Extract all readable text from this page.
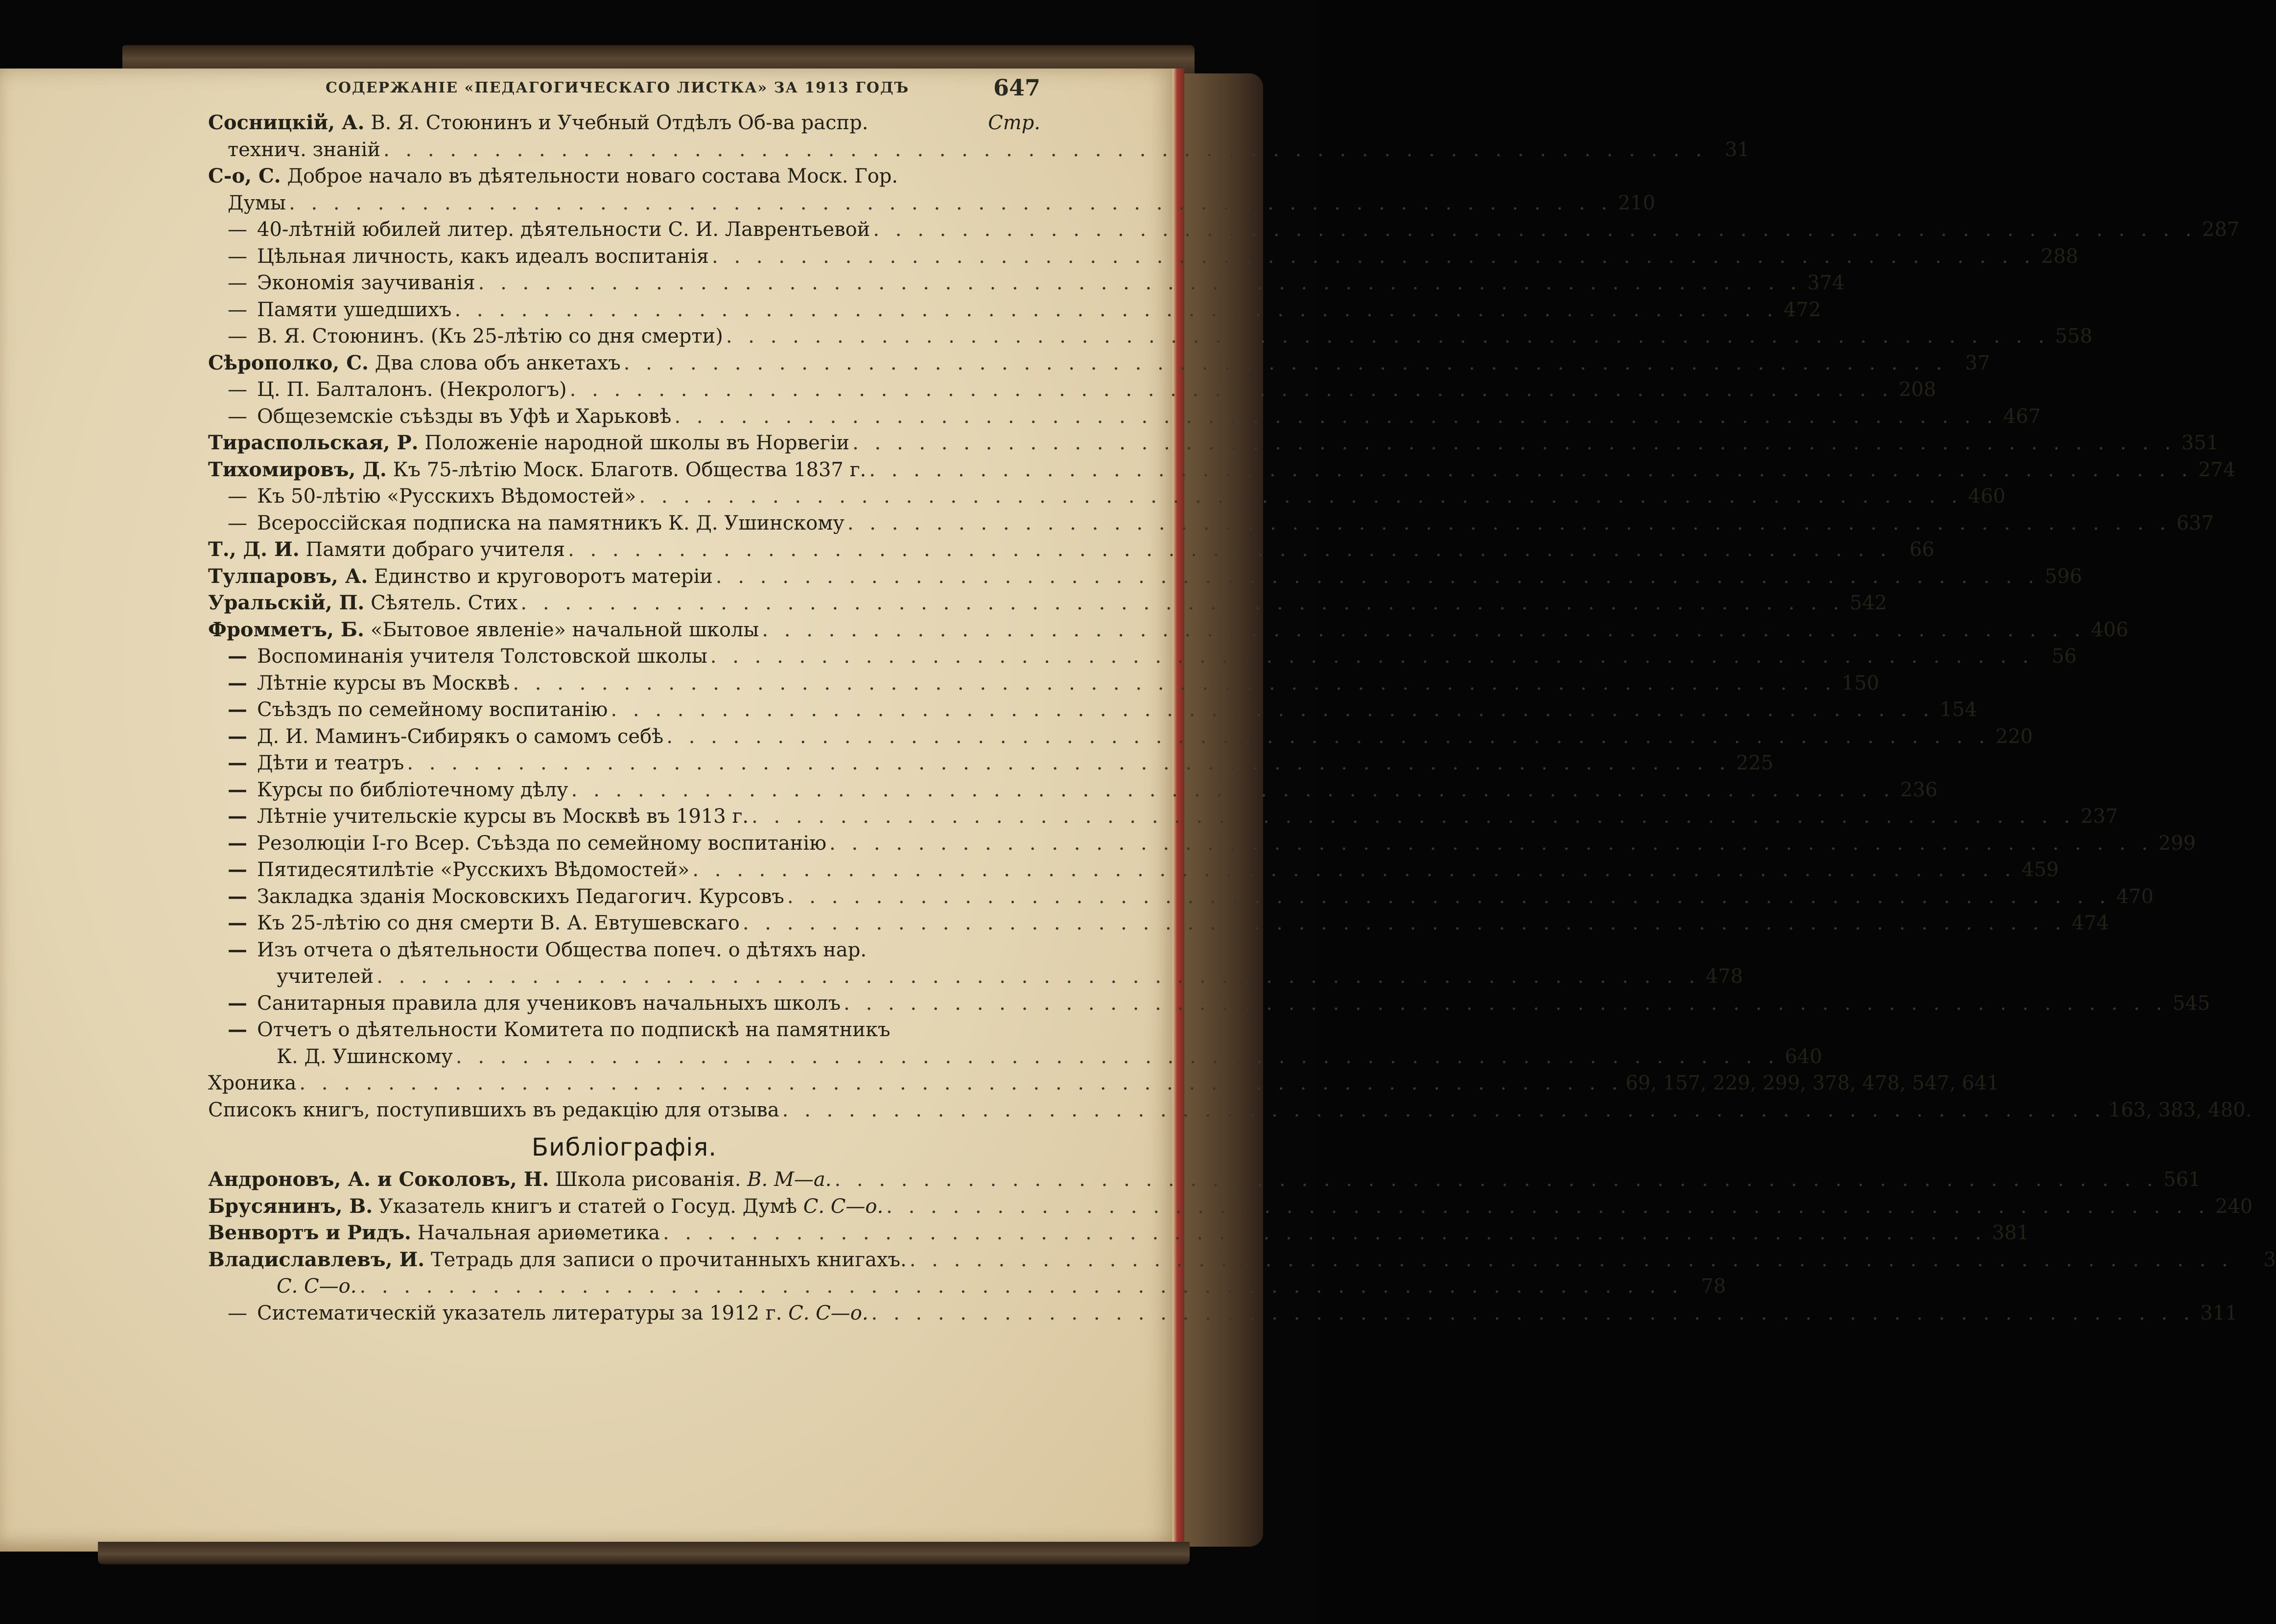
СОДЕРЖАНІЕ «ПЕДАГОГИЧЕСКАГО ЛИСТКА» ЗА 1913 ГОДЪ	647
Сосницкій, А. В. Я. Стоюнинъ и Учебный Отдѣлъ Об-ва распр.	Стр.
технич. знаній . . . . . . . . . . . . . . . . . . . . . . . . . . . . . . . . . . . . . . . . . . . . . . . . . . . . . . . . . . . . 31
С-о, С. Доброе начало въ дѣятельности новаго состава Моск. Гор.
Думы . . . . . . . . . . . . . . . . . . . . . . . . . . . . . . . . . . . . . . . . . . . . . . . . . . . . . . . . . . . . 210
— 40-лѣтній юбилей литер. дѣятельности С. И. Лаврентьевой . . . . . . . . . . . . . . . . . . . . . . . . . . . . . . . . . . . . . . . . . . . . . . . . . . . . . . . . . . . . 287
— Цѣльная личность, какъ идеалъ воспитанія . . . . . . . . . . . . . . . . . . . . . . . . . . . . . . . . . . . . . . . . . . . . . . . . . . . . . . . . . . . . 288
— Экономія заучиванія . . . . . . . . . . . . . . . . . . . . . . . . . . . . . . . . . . . . . . . . . . . . . . . . . . . . . . . . . . . . 374
— Памяти ушедшихъ . . . . . . . . . . . . . . . . . . . . . . . . . . . . . . . . . . . . . . . . . . . . . . . . . . . . . . . . . . . . 472
— В. Я. Стоюнинъ. (Къ 25-лѣтію со дня смерти) . . . . . . . . . . . . . . . . . . . . . . . . . . . . . . . . . . . . . . . . . . . . . . . . . . . . . . . . . . . . 558
Сѣрополко, С. Два слова объ анкетахъ . . . . . . . . . . . . . . . . . . . . . . . . . . . . . . . . . . . . . . . . . . . . . . . . . . . . . . . . . . . . 37
— Ц. П. Балталонъ. (Некрологъ) . . . . . . . . . . . . . . . . . . . . . . . . . . . . . . . . . . . . . . . . . . . . . . . . . . . . . . . . . . . . 208
— Общеземскіе съѣзды въ Уфѣ и Харьковѣ . . . . . . . . . . . . . . . . . . . . . . . . . . . . . . . . . . . . . . . . . . . . . . . . . . . . . . . . . . . . 467
Тираспольская, Р. Положеніе народной школы въ Норвегіи . . . . . . . . . . . . . . . . . . . . . . . . . . . . . . . . . . . . . . . . . . . . . . . . . . . . . . . . . . . . 351
Тихомировъ, Д. Къ 75-лѣтію Моск. Благотв. Общества 1837 г. . . . . . . . . . . . . . . . . . . . . . . . . . . . . . . . . . . . . . . . . . . . . . . . . . . . . . . . . . . . . 274
— Къ 50-лѣтію «Русскихъ Вѣдомостей» . . . . . . . . . . . . . . . . . . . . . . . . . . . . . . . . . . . . . . . . . . . . . . . . . . . . . . . . . . . . 460
— Всероссійская подписка на памятникъ К. Д. Ушинскому . . . . . . . . . . . . . . . . . . . . . . . . . . . . . . . . . . . . . . . . . . . . . . . . . . . . . . . . . . . . 637
Т., Д. И. Памяти добраго учителя . . . . . . . . . . . . . . . . . . . . . . . . . . . . . . . . . . . . . . . . . . . . . . . . . . . . . . . . . . . . 66
Тулпаровъ, А. Единство и круговоротъ матеріи . . . . . . . . . . . . . . . . . . . . . . . . . . . . . . . . . . . . . . . . . . . . . . . . . . . . . . . . . . . . 596
Уральскій, П. Сѣятель. Стих . . . . . . . . . . . . . . . . . . . . . . . . . . . . . . . . . . . . . . . . . . . . . . . . . . . . . . . . . . . . 542
Фромметъ, Б. «Бытовое явленіе» начальной школы . . . . . . . . . . . . . . . . . . . . . . . . . . . . . . . . . . . . . . . . . . . . . . . . . . . . . . . . . . . . 406
— Воспоминанія учителя Толстовской школы . . . . . . . . . . . . . . . . . . . . . . . . . . . . . . . . . . . . . . . . . . . . . . . . . . . . . . . . . . . . 56
— Лѣтніе курсы въ Москвѣ . . . . . . . . . . . . . . . . . . . . . . . . . . . . . . . . . . . . . . . . . . . . . . . . . . . . . . . . . . . . 150
— Съѣздъ по семейному воспитанію . . . . . . . . . . . . . . . . . . . . . . . . . . . . . . . . . . . . . . . . . . . . . . . . . . . . . . . . . . . . 154
— Д. И. Маминъ-Сибирякъ о самомъ себѣ . . . . . . . . . . . . . . . . . . . . . . . . . . . . . . . . . . . . . . . . . . . . . . . . . . . . . . . . . . . . 220
— Дѣти и театръ . . . . . . . . . . . . . . . . . . . . . . . . . . . . . . . . . . . . . . . . . . . . . . . . . . . . . . . . . . . . 225
— Курсы по библіотечному дѣлу . . . . . . . . . . . . . . . . . . . . . . . . . . . . . . . . . . . . . . . . . . . . . . . . . . . . . . . . . . . . 236
— Лѣтніе учительскіе курсы въ Москвѣ въ 1913 г. . . . . . . . . . . . . . . . . . . . . . . . . . . . . . . . . . . . . . . . . . . . . . . . . . . . . . . . . . . . . 237
— Резолюціи I-го Всер. Съѣзда по семейному воспитанію . . . . . . . . . . . . . . . . . . . . . . . . . . . . . . . . . . . . . . . . . . . . . . . . . . . . . . . . . . . . 299
— Пятидесятилѣтіе «Русскихъ Вѣдомостей» . . . . . . . . . . . . . . . . . . . . . . . . . . . . . . . . . . . . . . . . . . . . . . . . . . . . . . . . . . . . 459
— Закладка зданія Московскихъ Педагогич. Курсовъ . . . . . . . . . . . . . . . . . . . . . . . . . . . . . . . . . . . . . . . . . . . . . . . . . . . . . . . . . . . . 470
— Къ 25-лѣтію со дня смерти В. А. Евтушевскаго . . . . . . . . . . . . . . . . . . . . . . . . . . . . . . . . . . . . . . . . . . . . . . . . . . . . . . . . . . . . 474
— Изъ отчета о дѣятельности Общества попеч. о дѣтяхъ нар.
учителей . . . . . . . . . . . . . . . . . . . . . . . . . . . . . . . . . . . . . . . . . . . . . . . . . . . . . . . . . . . . 478
— Санитарныя правила для учениковъ начальныхъ школъ . . . . . . . . . . . . . . . . . . . . . . . . . . . . . . . . . . . . . . . . . . . . . . . . . . . . . . . . . . . . 545
— Отчетъ о дѣятельности Комитета по подпискѣ на памятникъ
К. Д. Ушинскому . . . . . . . . . . . . . . . . . . . . . . . . . . . . . . . . . . . . . . . . . . . . . . . . . . . . . . . . . . . . 640
Хроника . . . . . . . . . . . . . . . . . . . . . . . . . . . . . . . . . . . . . . . . . . . . . . . . . . . . . . . . . . . . 69, 157, 229, 299, 378, 478, 547, 641
Списокъ книгъ, поступившихъ въ редакцію для отзыва . . . . . . . . . . . . . . . . . . . . . . . . . . . . . . . . . . . . . . . . . . . . . . . . . . . . . . . . . . . . 163, 383, 480.
Библіографія.
Андроновъ, А. и Соколовъ, Н. Школа рисованія. В. М—а. . . . . . . . . . . . . . . . . . . . . . . . . . . . . . . . . . . . . . . . . . . . . . . . . . . . . . . . . . . . . 561
Брусянинъ, В. Указатель книгъ и статей о Госуд. Думѣ С. С—о. . . . . . . . . . . . . . . . . . . . . . . . . . . . . . . . . . . . . . . . . . . . . . . . . . . . . . . . . . . . . 240
Венвортъ и Ридъ. Начальная ариѳметика . . . . . . . . . . . . . . . . . . . . . . . . . . . . . . . . . . . . . . . . . . . . . . . . . . . . . . . . . . . . 381
Владиславлевъ, И. Тетрадь для записи о прочитанныхъ книгахъ. . . . . . . . . . . . . . . . . . . . . . . . . . . . . . . . . . . . . . . . . . . . . . . . . . . . . . . . . . . . .	3
С. С—о. . . . . . . . . . . . . . . . . . . . . . . . . . . . . . . . . . . . . . . . . . . . . . . . . . . . . . . . . . . . . 78
— Систематическій указатель литературы за 1912 г. С. С—о. . . . . . . . . . . . . . . . . . . . . . . . . . . . . . . . . . . . . . . . . . . . . . . . . . . . . . . . . . . . . 311
